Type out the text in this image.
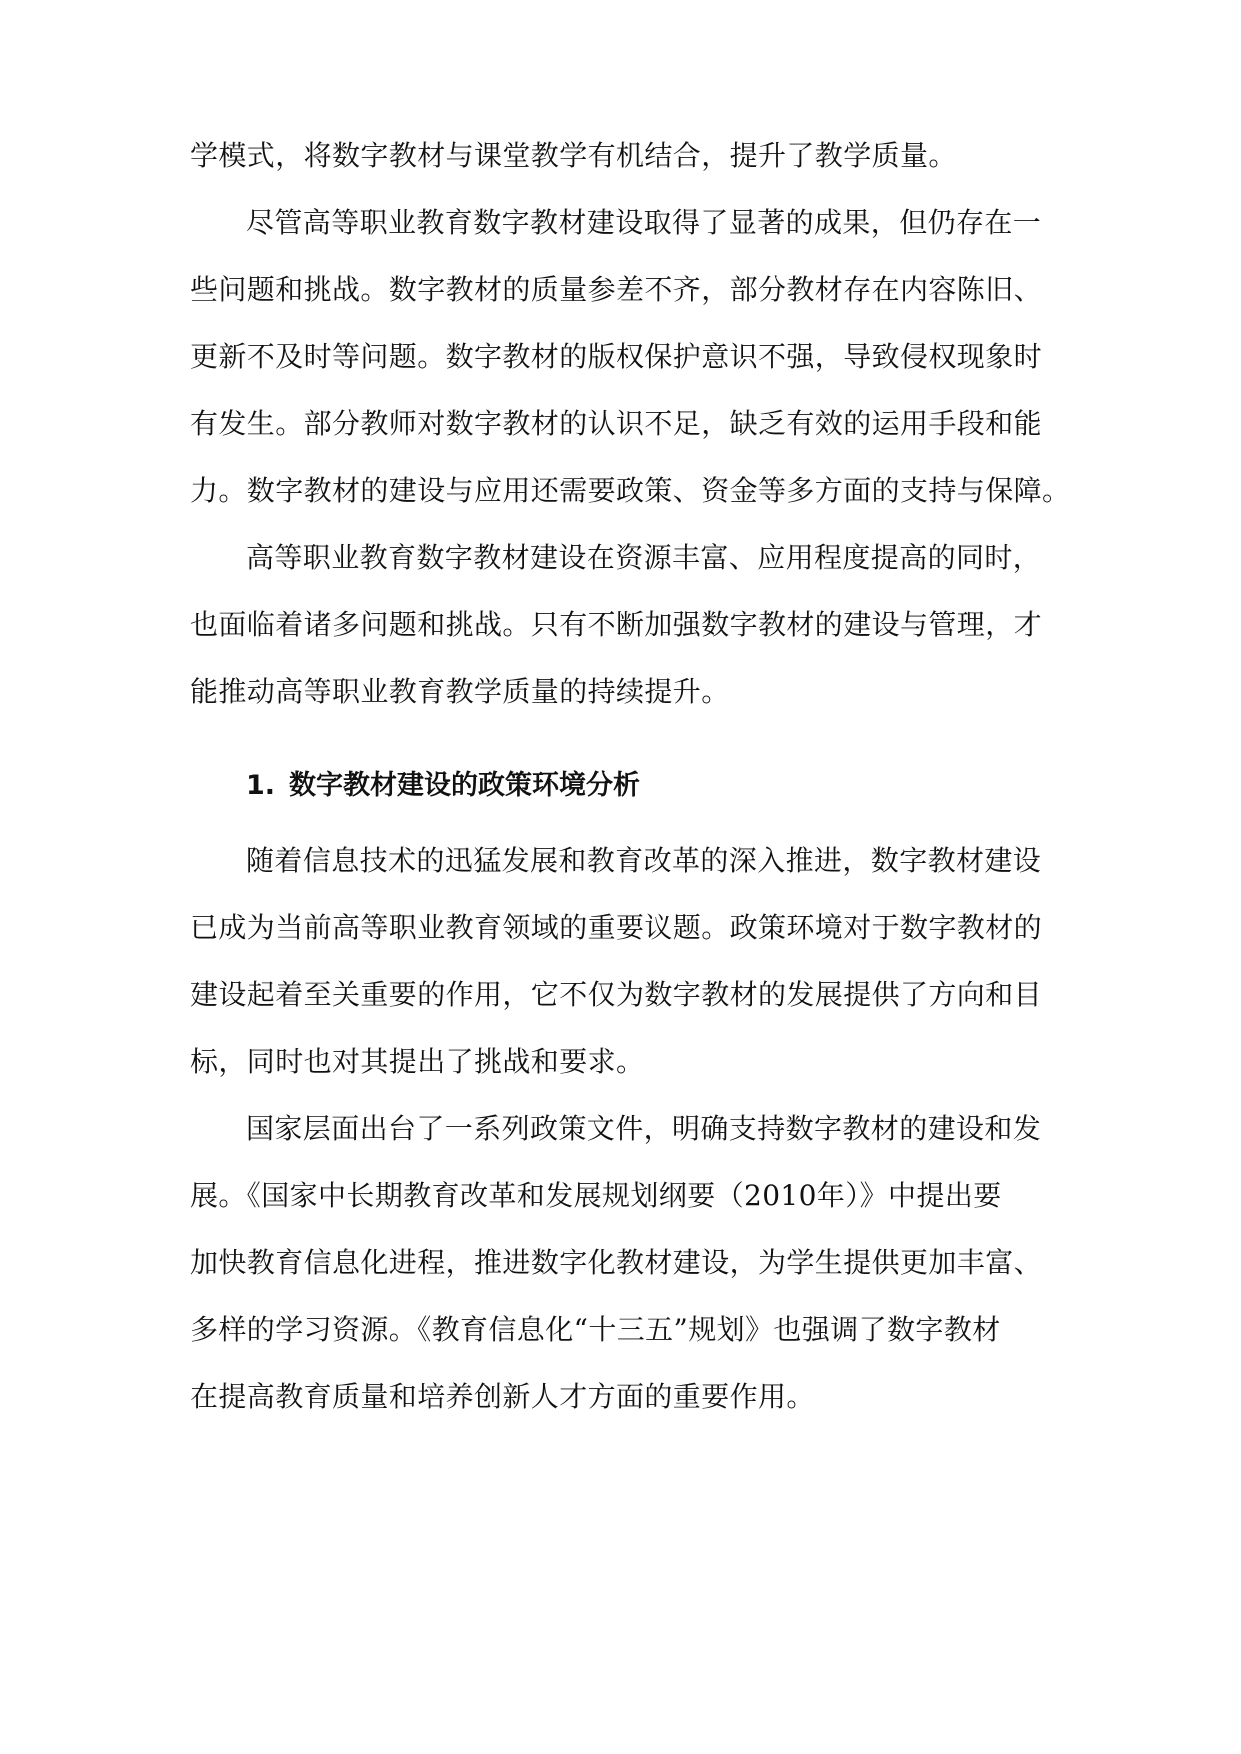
学模式，将数字教材与课堂教学有机结合，提升了教学质量。
尽管高等职业教育数字教材建设取得了显著的成果，但仍存在一
些问题和挑战。数字教材的质量参差不齐，部分教材存在内容陈旧、
更新不及时等问题。数字教材的版权保护意识不强，导致侵权现象时
有发生。部分教师对数字教材的认识不足，缺乏有效的运用手段和能
力。数字教材的建设与应用还需要政策、资金等多方面的支持与保障。
高等职业教育数字教材建设在资源丰富、应用程度提高的同时，
也面临着诸多问题和挑战。只有不断加强数字教材的建设与管理，才
能推动高等职业教育教学质量的持续提升。
1. 数字教材建设的政策环境分析
随着信息技术的迅猛发展和教育改革的深入推进，数字教材建设
已成为当前高等职业教育领域的重要议题。政策环境对于数字教材的
建设起着至关重要的作用，它不仅为数字教材的发展提供了方向和目
标，同时也对其提出了挑战和要求。
国家层面出台了一系列政策文件，明确支持数字教材的建设和发
展。《国家中长期教育改革和发展规划纲要（2010年）》中提出要
加快教育信息化进程，推进数字化教材建设，为学生提供更加丰富、
多样的学习资源。《教育信息化“十三五”规划》也强调了数字教材
在提高教育质量和培养创新人才方面的重要作用。
